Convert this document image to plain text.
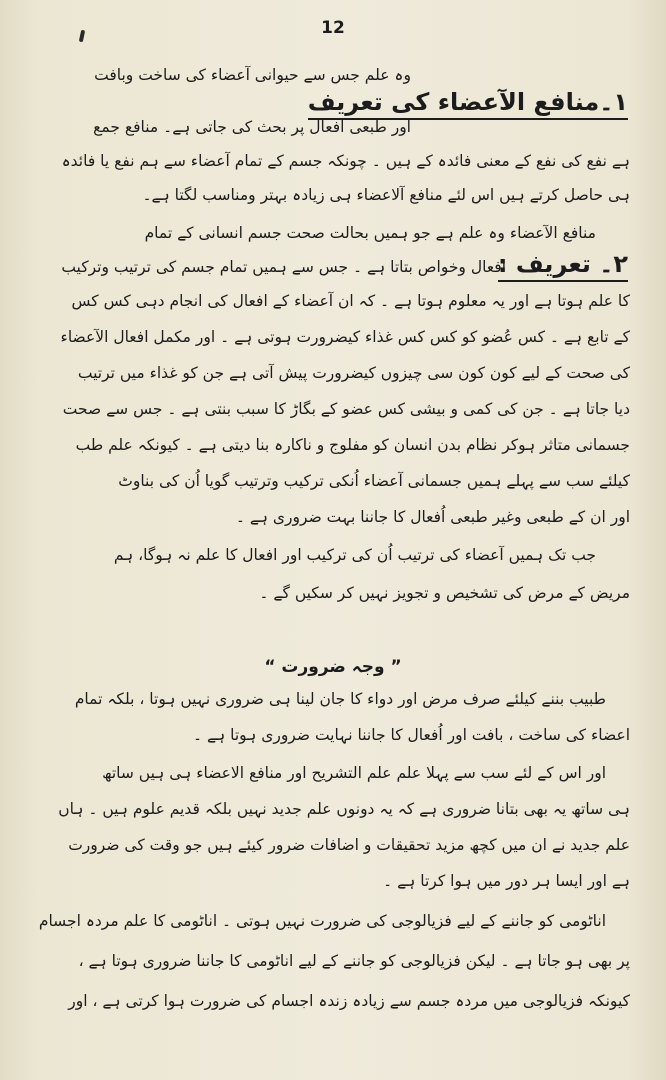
12
۱۔منافع الآ‌عضاء کی تعریف
وہ علم جس سے حیوانی آعضاء کی ساخت وبافت
اور طبعی افعال پر بحث کی جاتی ہے۔ منافع جمع
ہے نفع کی نفع کے معنی فائدہ کے ہیں ۔ چونکہ جسم کے تمام آعضاء سے ہم نفع یا فائدہ
ہی حاصل کرتے ہیں اس لئے منافع آلاعضاء ہی زیادہ بہتر ومناسب لگتا ہے۔
۲۔ تعریف :
منافع الآعضاء وہ علم ہے جو ہمیں بحالت صحت جسم انسانی کے تمام
افعال وخواص بتاتا ہے ۔ جس سے ہمیں تمام جسم کی ترتیب وترکیب
کا علم ہوتا ہے اور یہ معلوم ہوتا ہے ۔ کہ ان آعضاء کے افعال کی انجام دہی کس کس
کے تابع ہے ۔ کس عُضو کو کس کس غذاء کیضرورت ہوتی ہے ۔ اور مکمل افعال الآعضاء
کی صحت کے لیے کون کون سی چیزوں کیضرورت پیش آتی ہے جن کو غذاء میں ترتیب
دیا جاتا ہے ۔ جن کی کمی و بیشی کس عضو کے بگاڑ کا سبب بنتی ہے ۔ جس سے صحت
جسمانی متاثر ہوکر نظام بدن انسان کو مفلوج و ناکارہ بنا دیتی ہے ۔ کیونکہ علم طب
کیلئے سب سے پہلے ہمیں جسمانی آعضاء اُنکی ترکیب وترتیب گویا اُن کی بناوٹ
اور ان کے طبعی وغیر طبعی اُفعال کا جاننا بہت ضروری ہے ۔
جب تک ہمیں آعضاء کی ترتیب اُن کی ترکیب اور افعال کا علم نہ ہوگا، ہم
مریض کے مرض کی تشخیص و تجویز نہیں کر سکیں گے ۔
” وجہ ضرورت “
طبیب بننے کیلئے صرف مرض اور دواء کا جان لینا ہی ضروری نہیں ہوتا ، بلکہ تمام
اعضاء کی ساخت ، بافت اور اُفعال کا جاننا نہایت ضروری ہوتا ہے ۔
اور اس کے لئے سب سے پہلا علم علم التشریح اور منافع الاعضاء ہی ہیں ساتھ
ہی ساتھ یہ بھی بتانا ضروری ہے کہ یہ دونوں علم جدید نہیں بلکہ قدیم علوم ہیں ۔ ہاں
علم جدید نے ان میں کچھ مزید تحقیقات و اضافات ضرور کیئے ہیں جو وقت کی ضرورت
ہے اور ایسا ہر دور میں ہوا کرتا ہے ۔
اناٹومی کو جاننے کے لیے فزیالوجی کی ضرورت نہیں ہوتی ۔ اناٹومی کا علم مردہ اجسام
پر بھی ہو جاتا ہے ۔ لیکن فزیالوجی کو جاننے کے لیے اناٹومی کا جاننا ضروری ہوتا ہے ،
کیونکہ فزیالوجی میں مردہ جسم سے زیادہ زندہ اجسام کی ضرورت ہوا کرتی ہے ، اور
